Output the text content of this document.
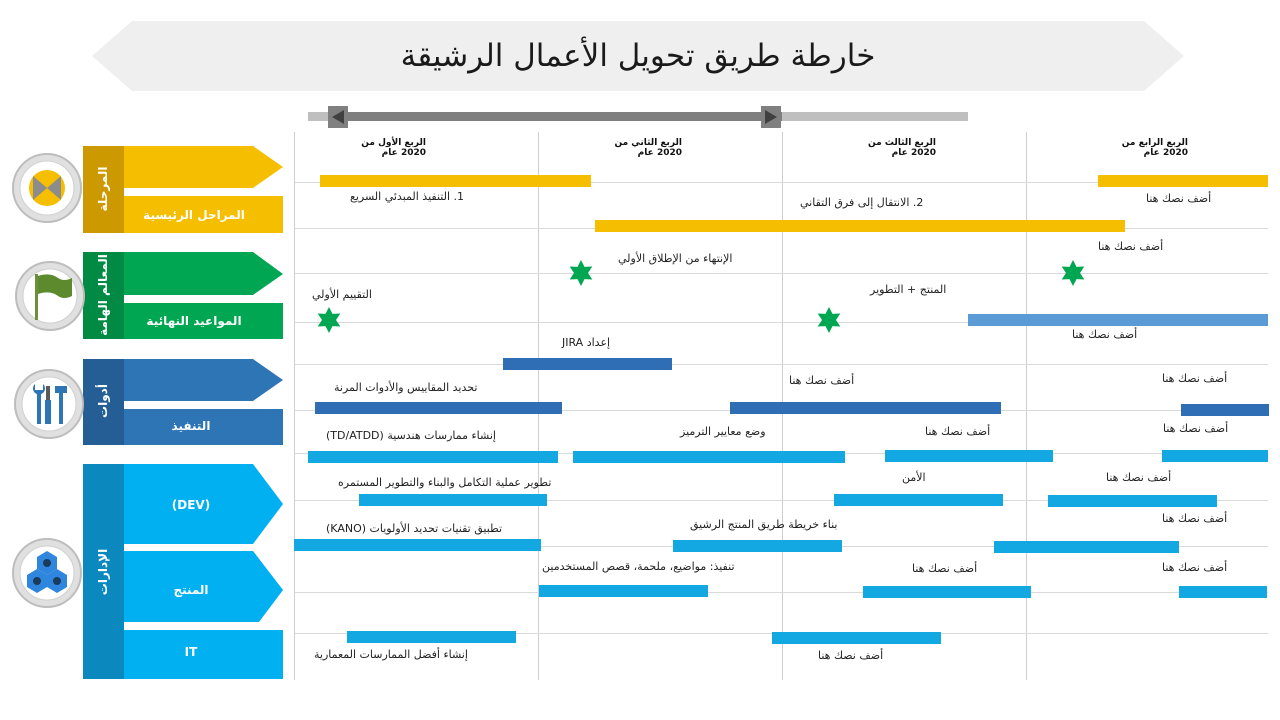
خارطة طريق تحويل الأعمال الرشيقة
الربع الأول من
2020 عام
الربع الثاني من
2020 عام
الربع الثالث من
2020 عام
الربع الرابع من
2020 عام
1. التنفيذ المبدئي السريع	أضف نصك هنا
2. الانتقال إلى فرق التقاني
أضف نصك هنا
الإنتهاء من الإطلاق الأولي
التقييم الأولي	المنتج + التطوير
أضف نصك هنا
إعداد JIRA
تحديد المقاييس والأدوات المرنة
أضف نصك هنا	أضف نصك هنا
إنشاء ممارسات هندسية (TD/ATDD)	وضع معايير الترميز	أضف نصك هنا	أضف نصك هنا
تطوير عملية التكامل والبناء والتطوير المستمره	الأمن	أضف نصك هنا
تطبيق تقنيات تحديد الأولويات (KANO)	بناء خريطة طريق المنتج الرشيق	أضف نصك هنا
تنفيذ: مواضيع، ملحمة، قصص المستخدمين	أضف نصك هنا	أضف نصك هنا
إنشاء أفضل الممارسات المعمارية	أضف نصك هنا
المرحلة
المراحل الرئيسية
المعالم الهامة	المواعيد النهائية
أدوات
التنفيذ
الإدارات
(DEV)
المنتج
IT
